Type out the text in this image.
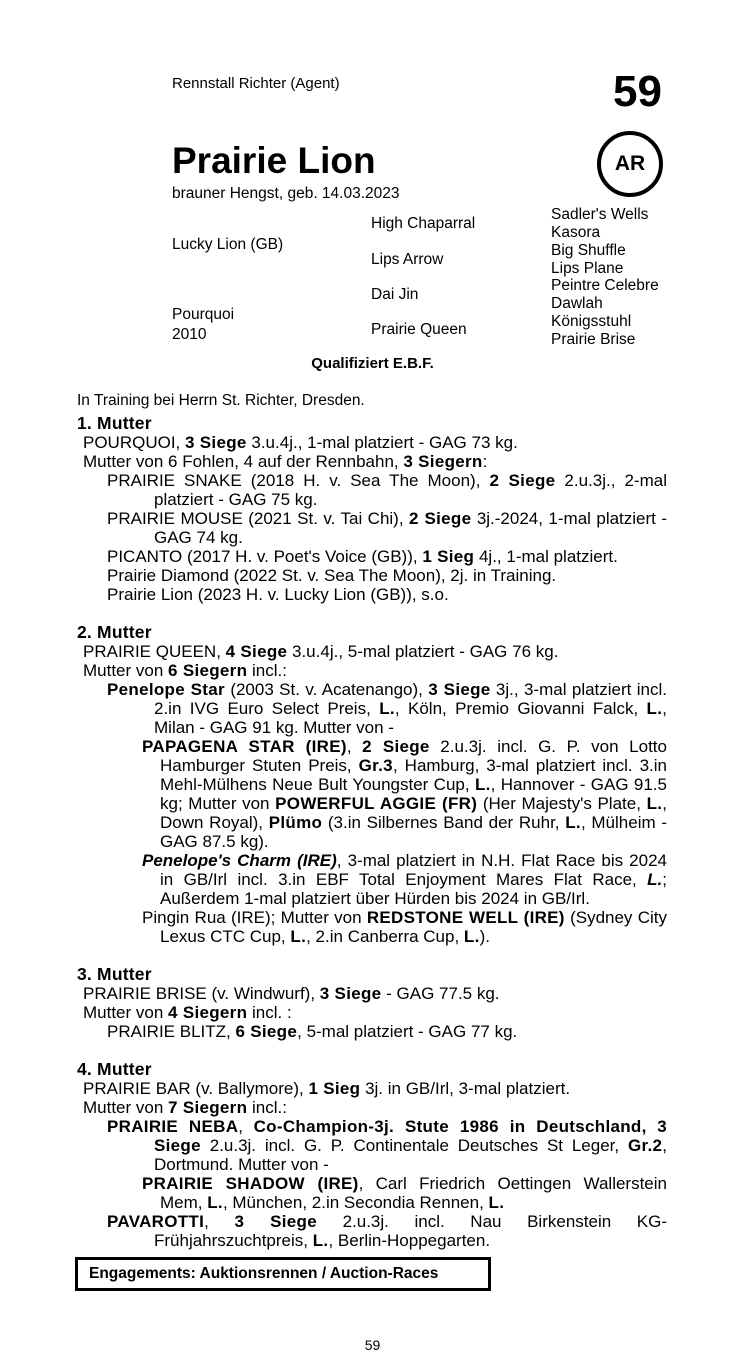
Rennstall Richter (Agent)	59
Prairie Lion
brauner Hengst, geb. 14.03.2023
AR
Lucky Lion (GB)
Pourquoi
2010
High Chaparral
Lips Arrow
Dai Jin
Prairie Queen
Sadler's Wells
Kasora
Big Shuffle
Lips Plane
Peintre Celebre
Dawlah
Königsstuhl
Prairie Brise
Qualifiziert E.B.F.
In Training bei Herrn St. Richter, Dresden.
1. Mutter
POURQUOI, 3 Siege 3.u.4j., 1-mal platziert - GAG 73 kg.
Mutter von 6 Fohlen, 4 auf der Rennbahn, 3 Siegern:
PRAIRIE SNAKE (2018 H. v. Sea The Moon), 2 Siege 2.u.3j., 2-mal platziert - GAG 75 kg.
PRAIRIE MOUSE (2021 St. v. Tai Chi), 2 Siege 3j.-2024, 1-mal platziert - GAG 74 kg.
PICANTO (2017 H. v. Poet's Voice (GB)), 1 Sieg 4j., 1-mal platziert.
Prairie Diamond (2022 St. v. Sea The Moon), 2j. in Training.
Prairie Lion (2023 H. v. Lucky Lion (GB)), s.o.
2. Mutter
PRAIRIE QUEEN, 4 Siege 3.u.4j., 5-mal platziert - GAG 76 kg.
Mutter von 6 Siegern incl.:
Penelope Star (2003 St. v. Acatenango), 3 Siege 3j., 3-mal platziert incl. 2.in IVG Euro Select Preis, L., Köln, Premio Giovanni Falck, L., Milan - GAG 91 kg. Mutter von -
PAPAGENA STAR (IRE), 2 Siege 2.u.3j. incl. G. P. von Lotto Hamburger Stuten Preis, Gr.3, Hamburg, 3-mal platziert incl. 3.in Mehl-Mülhens Neue Bult Youngster Cup, L., Hannover - GAG 91.5 kg; Mutter von POWERFUL AGGIE (FR) (Her Majesty's Plate, L., Down Royal), Plümo (3.in Silbernes Band der Ruhr, L., Mülheim - GAG 87.5 kg).
Penelope's Charm (IRE), 3-mal platziert in N.H. Flat Race bis 2024 in GB/Irl incl. 3.in EBF Total Enjoyment Mares Flat Race, L.; Außerdem 1-mal platziert über Hürden bis 2024 in GB/Irl.
Pingin Rua (IRE); Mutter von REDSTONE WELL (IRE) (Sydney City Lexus CTC Cup, L., 2.in Canberra Cup, L.).
3. Mutter
PRAIRIE BRISE (v. Windwurf), 3 Siege - GAG 77.5 kg.
Mutter von 4 Siegern incl. :
PRAIRIE BLITZ, 6 Siege, 5-mal platziert - GAG 77 kg.
4. Mutter
PRAIRIE BAR (v. Ballymore), 1 Sieg 3j. in GB/Irl, 3-mal platziert.
Mutter von 7 Siegern incl.:
PRAIRIE NEBA, Co-Champion-3j. Stute 1986 in Deutschland, 3 Siege 2.u.3j. incl. G. P. Continentale Deutsches St Leger, Gr.2, Dortmund. Mutter von -
PRAIRIE SHADOW (IRE), Carl Friedrich Oettingen Wallerstein Mem, L., München, 2.in Secondia Rennen, L.
PAVAROTTI, 3 Siege 2.u.3j. incl. Nau Birkenstein KG-Frühjahrszuchtpreis, L., Berlin-Hoppegarten.
Engagements: Auktionsrennen / Auction-Races
59
